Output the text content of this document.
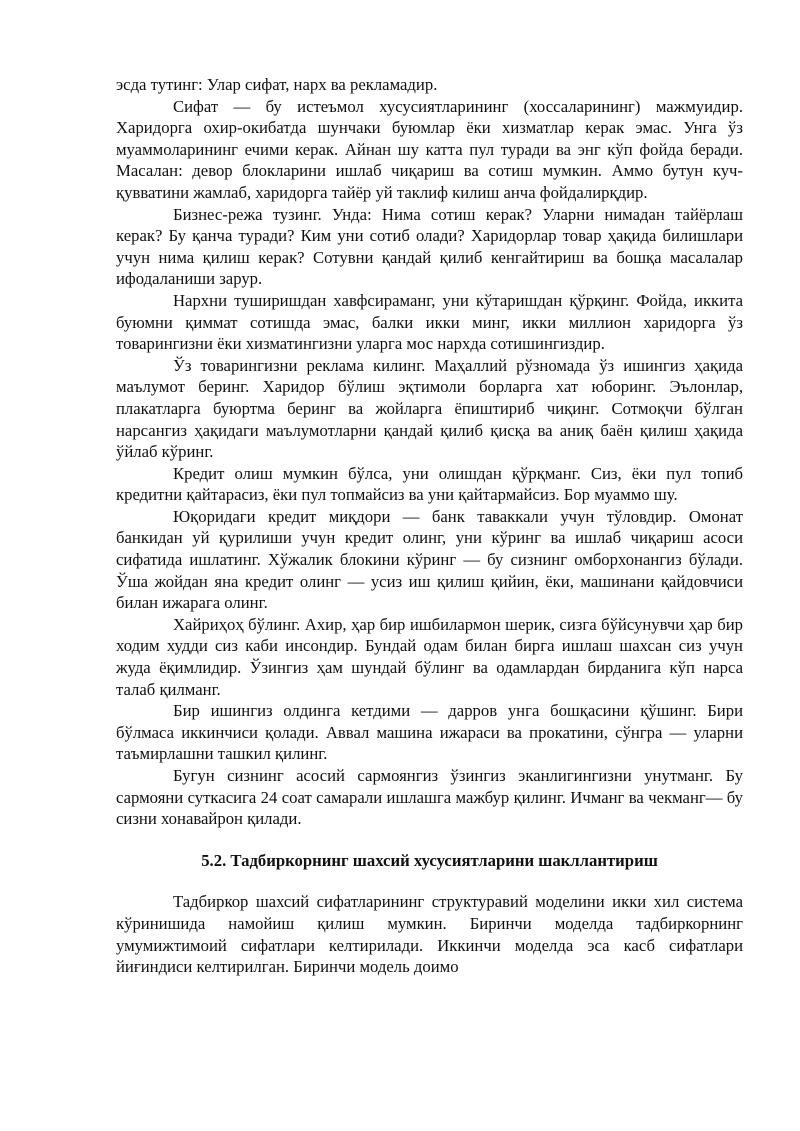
эсда тутинг: Улар сифат, нарх ва рекламадир.

Сифат — бу истеъмол хусусиятларининг (хоссаларининг) мажмуидир. Харидорга охир-окибатда шунчаки буюмлар ёки хизматлар керак эмас. Унга ўз муаммоларининг ечими керак. Айнан шу катта пул туради ва энг кўп фойда беради. Масалан: девор блокларини ишлаб чиқариш ва сотиш мумкин. Аммо бутун куч-қувватини жамлаб, харидорга тайёр уй таклиф килиш анча фойдалирқдир.

Бизнес-режа тузинг. Унда: Нима сотиш керак? Уларни нимадан тайёрлаш керак? Бу қанча туради? Ким уни сотиб олади? Харидорлар товар ҳақида билишлари учун нима қилиш керак? Сотувни қандай қилиб кенгайтириш ва бошқа масалалар ифодаланиши зарур.

Нархни туширишдан хавфсираманг, уни кўтаришдан қўрқинг. Фойда, иккита буюмни қиммат сотишда эмас, балки икки минг, икки миллион харидорга ўз товарингизни ёки хизматингизни уларга мос нархда сотишингиздир.

Ўз товарингизни реклама килинг. Маҳаллий рўзномада ўз ишингиз ҳақида маълумот беринг. Харидор бўлиш эқтимоли борларга хат юборинг. Эълонлар, плакатларга буюртма беринг ва жойларга ёпиштириб чиқинг. Сотмоқчи бўлган нарсангиз ҳақидаги маълумотларни қандай қилиб қисқа ва аниқ баён қилиш ҳақида ўйлаб кўринг.

Кредит олиш мумкин бўлса, уни олишдан қўрқманг. Сиз, ёки пул топиб кредитни қайтарасиз, ёки пул топмайсиз ва уни қайтармайсиз. Бор муаммо шу.

Юқоридаги кредит миқдори — банк таваккали учун тўловдир. Омонат банкидан уй қурилиши учун кредит олинг, уни кўринг ва ишлаб чиқариш асоси сифатида ишлатинг. Хўжалик блокини кўринг — бу сизнинг омборхонангиз бўлади. Ўша жойдан яна кредит олинг — усиз иш қилиш қийин, ёки, машинани қайдовчиси билан ижарага олинг.

Хайриҳоҳ бўлинг. Ахир, ҳар бир ишбилармон шерик, сизга бўйсунувчи ҳар бир ходим худди сиз каби инсондир. Бундай одам билан бирга ишлаш шахсан сиз учун жуда ёқимлидир. Ўзингиз ҳам шундай бўлинг ва одамлардан бирданига кўп нарса талаб қилманг.

Бир ишингиз олдинга кетдими — дарров унга бошқасини қўшинг. Бири бўлмаса иккинчиси қолади. Аввал машина ижараси ва прокатини, сўнгра — уларни таъмирлашни ташкил қилинг.

Бугун сизнинг асосий сармоянгиз ўзингиз эканлигингизни унутманг. Бу сармояни суткасига 24 соат самарали ишлашга мажбур қилинг. Ичманг ва чекманг— бу сизни хонавайрон қилади.

5.2. Тадбиркорнинг шахсий хусусиятларини шакллантириш

Тадбиркор шахсий сифатларининг структуравий моделини икки хил система кўринишида намойиш қилиш мумкин. Биринчи моделда тадбиркорнинг умумижтимоий сифатлари келтирилади. Иккинчи моделда эса касб сифатлари йиғиндиси келтирилган. Биринчи модель доимо
